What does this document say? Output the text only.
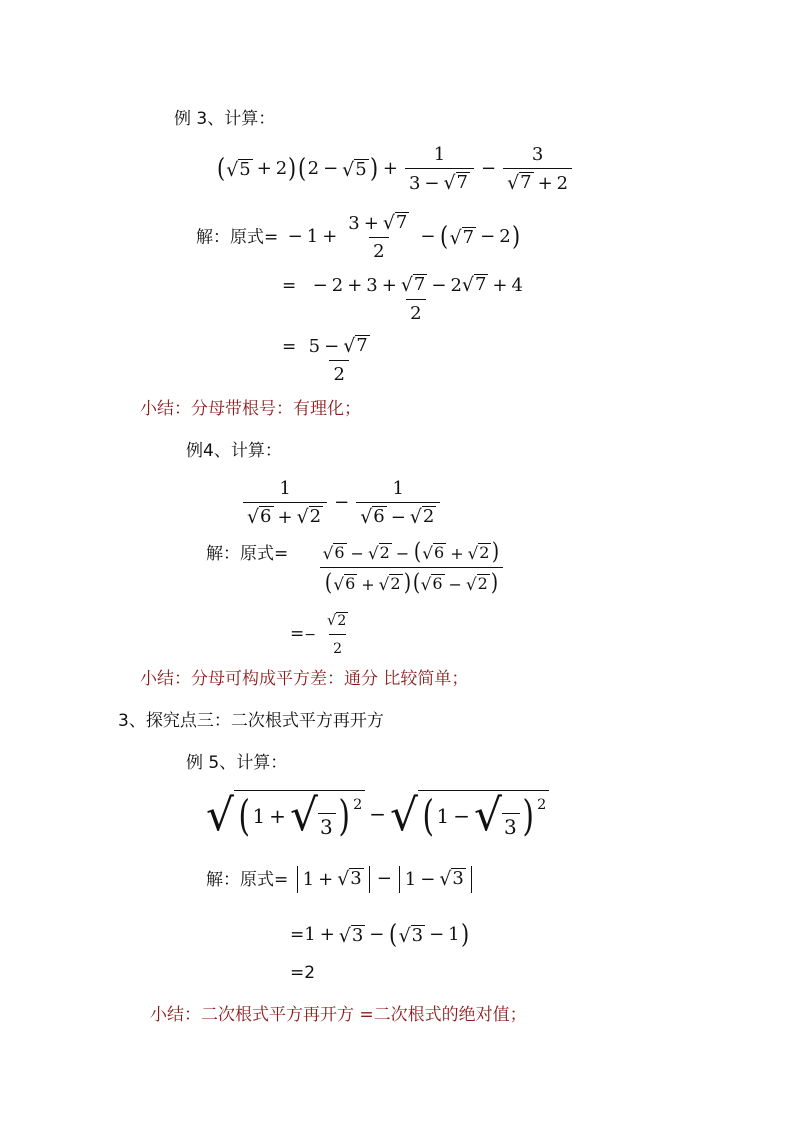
例 3、计算：
( √ 5 + 2 ) ( 2 − √ 5 ) + $\frac{1}{3 - √ 7} - \frac{3}{√ 7 + 2}$
解：原式= − $1 + \frac{3 + √ 7}{2}$ − ( √ 7 − 2 )
= $\frac{- 2 + 3 + √ 7 - 2 √ 7 + 4}{2}$
= $\frac{5 - √ 7}{2}$
小结：分母带根号：有理化；
例4、计算：
$\frac{1}{√ 6 + √ 2} - \frac{1}{√ 6 - √ 2}$
解：原式= $\frac{√ 6 - √ 2 - ( √ 6 + √ 2 )}{( √ 6 + √ 2 )( √ 6 - √ 2 )}$
= − $\frac{√ 2}{2}$
小结：分母可构成平方差：通分 比较简单；
3、探究点三：二次根式平方再开方
例 5、计算：
√ ( 1 + √ 3 ) 2 − √ ( 1 − √ 3 ) 2
解：原式= 1 + √ 3 − 1 − √ 3
=1 + √ 3 − ( √ 3 − 1 )
=2
小结：二次根式平方再开方 =二次根式的绝对值；
